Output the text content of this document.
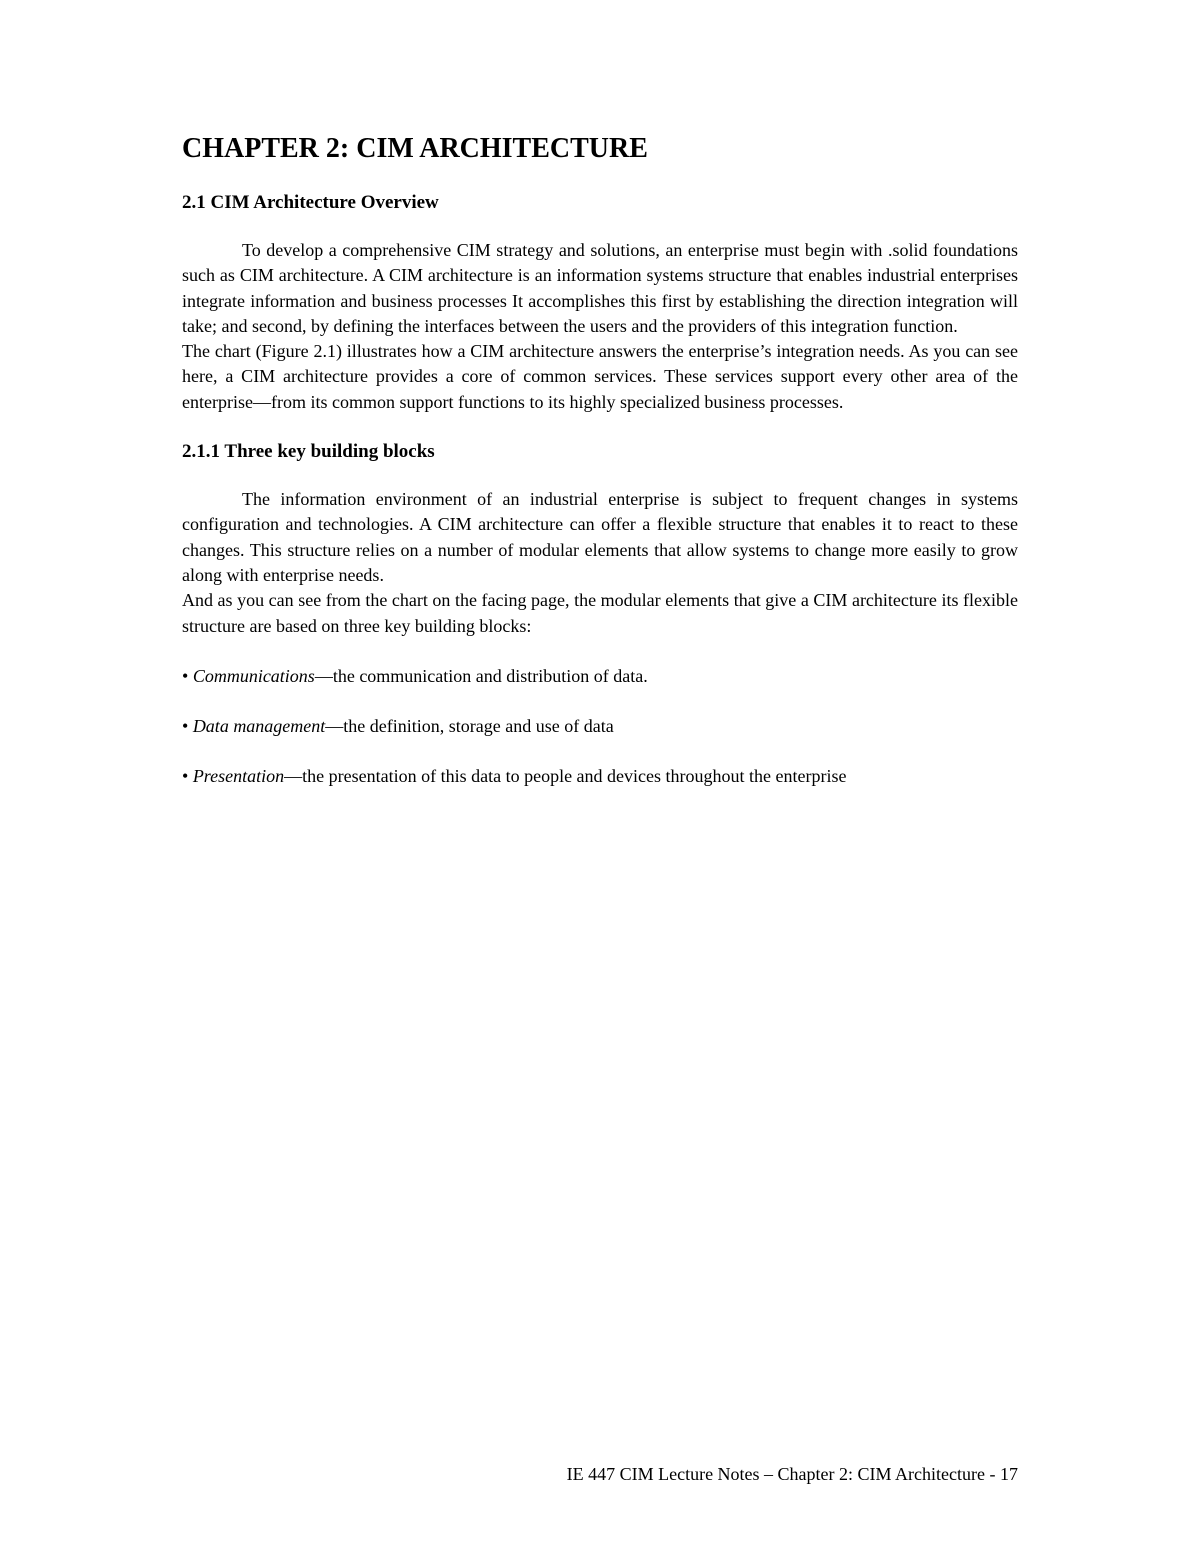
CHAPTER 2: CIM ARCHITECTURE
2.1 CIM Architecture Overview

To develop a comprehensive CIM strategy and solutions, an enterprise must begin with .solid foundations such as CIM architecture. A CIM architecture is an information systems structure that enables industrial enterprises integrate information and business processes It accomplishes this first by establishing the direction integration will take; and second, by defining the interfaces between the users and the providers of this integration function.

The chart (Figure 2.1) illustrates how a CIM architecture answers the enterprise’s integration needs. As you can see here, a CIM architecture provides a core of common services. These services support every other area of the enterprise—from its common support functions to its highly specialized business processes.

2.1.1 Three key building blocks

The information environment of an industrial enterprise is subject to frequent changes in systems configuration and technologies. A CIM architecture can offer a flexible structure that enables it to react to these changes. This structure relies on a number of modular elements that allow systems to change more easily to grow along with enterprise needs.

And as you can see from the chart on the facing page, the modular elements that give a CIM architecture its flexible structure are based on three key building blocks:

• Communications—the communication and distribution of data.
• Data management—the definition, storage and use of data
• Presentation—the presentation of this data to people and devices throughout the enterprise
IE 447 CIM Lecture Notes – Chapter 2: CIM Architecture - 17
